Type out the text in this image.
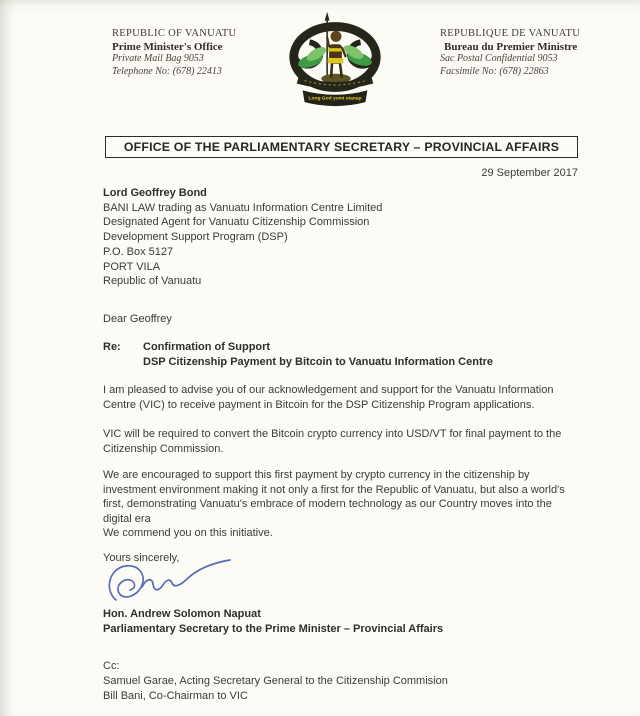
REPUBLIC OF VANUATU
Prime Minister's Office
Private Mail Bag 9053
Telephone No: (678) 22413
REPUBLIQUE DE VANUATU
Bureau du Premier Ministre
Sac Postal Confidential 9053
Facsimile No: (678) 22863
Long God yumi stanap
OFFICE OF THE PARLIAMENTARY SECRETARY – PROVINCIAL AFFAIRS
29 September 2017
Lord Geoffrey Bond
BANI LAW trading as Vanuatu Information Centre Limited
Designated Agent for Vanuatu Citizenship Commission
Development Support Program (DSP)
P.O. Box 5127
PORT VILA
Republic of Vanuatu
Dear Geoffrey
Re:	Confirmation of Support
DSP Citizenship Payment by Bitcoin to Vanuatu Information Centre
I am pleased to advise you of our acknowledgement and support for the Vanuatu Information Centre (VIC) to receive payment in Bitcoin for the DSP Citizenship Program applications.
VIC will be required to convert the Bitcoin crypto currency into USD/VT for final payment to the Citizenship Commission.
We are encouraged to support this first payment by crypto currency in the citizenship by investment environment making it not only a first for the Republic of Vanuatu, but also a world's first, demonstrating Vanuatu's embrace of modern technology as our Country moves into the digital era
We commend you on this initiative.
Yours sincerely,
Hon. Andrew Solomon Napuat
Parliamentary Secretary to the Prime Minister – Provincial Affairs
Cc:
Samuel Garae, Acting Secretary General to the Citizenship Commision
Bill Bani, Co-Chairman to VIC
